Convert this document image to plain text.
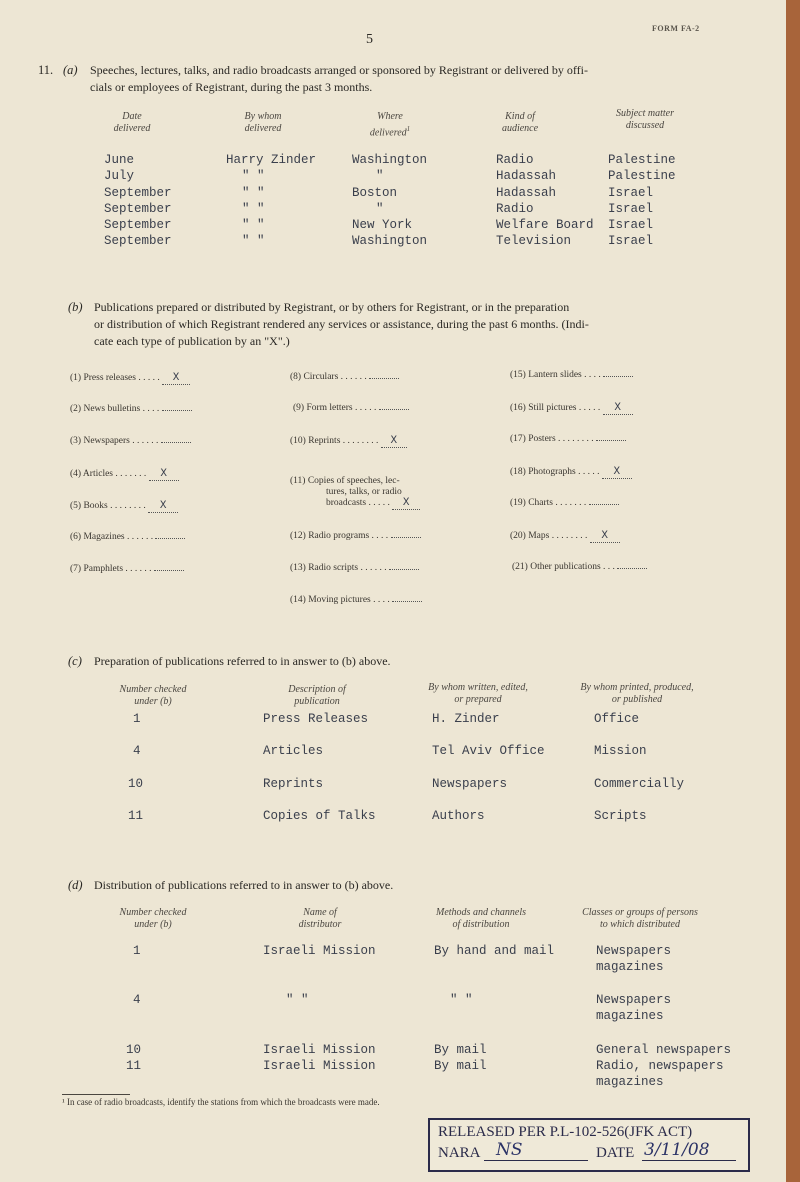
5
FORM FA-2
11. (a) Speeches, lectures, talks, and radio broadcasts arranged or sponsored by Registrant or delivered by offi-
cials or employees of Registrant, during the past 3 months.
Date
delivered
By whom
delivered
Where
delivered$^1$
Kind of
audience
Subject matter
discussed
June	Harry Zinder	Washington	Radio	Palestine
July	" "	"	Hadassah	Palestine
September	" "	Boston	Hadassah	Israel
September	" "	"	Radio	Israel
September	" "	New York	Welfare Board Israel
September	" "	Washington	Television	Israel
(b) Publications prepared or distributed by Registrant, or by others for Registrant, or in the preparation
or distribution of which Registrant rendered any services or assistance, during the past 6 months. (Indi-
cate each type of publication by an "X".)
(1) Press releases . . . . . X
(2) News bulletins . . . .
(3) Newspapers . . . . . .
(4) Articles . . . . . . . X
(5) Books . . . . . . . . X
(6) Magazines . . . . . .
(7) Pamphlets . . . . . .
(8) Circulars . . . . . .
(9) Form letters . . . . .
(10) Reprints . . . . . . . . X
(11) Copies of speeches, lec-
tures, talks, or radio
broadcasts . . . . . X
(12) Radio programs . . . .
(13) Radio scripts . . . . . .
(14) Moving pictures . . . .
(15) Lantern slides . . . .
(16) Still pictures . . . . . X
(17) Posters . . . . . . . .
(18) Photographs . . . . . X
(19) Charts . . . . . . .
(20) Maps . . . . . . . . X
(21) Other publications . . .
(c) Preparation of publications referred to in answer to (b) above.
Number checked
under (b)
Description of
publication
By whom written, edited,
or prepared
By whom printed, produced,
or published
1	Press Releases	H. Zinder	Office
4	Articles	Tel Aviv Office	Mission
10	Reprints	Newspapers	Commercially
11	Copies of Talks	Authors	Scripts
(d) Distribution of publications referred to in answer to (b) above.
Number checked
under (b)
Name of
distributor
Methods and channels
of distribution
Classes or groups of persons
to which distributed
1	Israeli Mission	By hand and mail	Newspapers
magazines
4	" "	" "	Newspapers
magazines
10	Israeli Mission	By mail	General newspapers
11	Israeli Mission	By mail	Radio, newspapers
magazines
¹ In case of radio broadcasts, identify the stations from which the broadcasts were made.
RELEASED PER P.L-102-526(JFK ACT)
NARA NS	DATE 3/11/08
